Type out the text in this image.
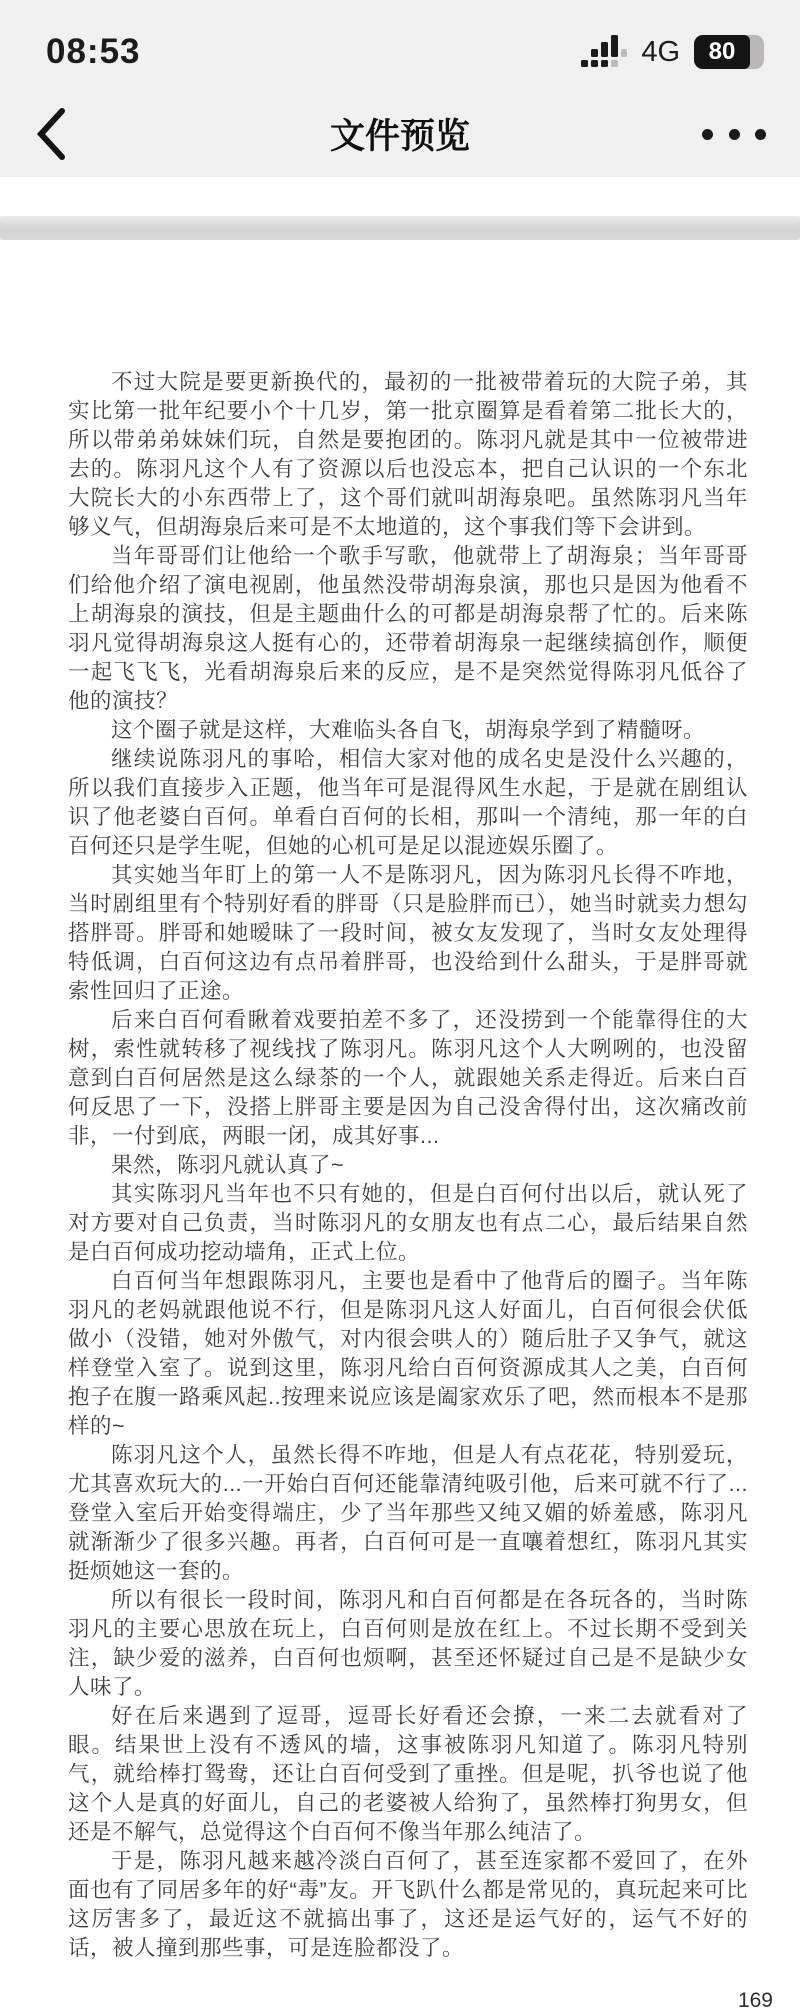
08:53	4G	80
文件预览

不过大院是要更新换代的，最初的一批被带着玩的大院子弟，其实比第一批年纪要小个十几岁，第一批京圈算是看着第二批长大的，所以带弟弟妹妹们玩，自然是要抱团的。陈羽凡就是其中一位被带进去的。陈羽凡这个人有了资源以后也没忘本，把自己认识的一个东北大院长大的小东西带上了，这个哥们就叫胡海泉吧。虽然陈羽凡当年够义气，但胡海泉后来可是不太地道的，这个事我们等下会讲到。

当年哥哥们让他给一个歌手写歌，他就带上了胡海泉；当年哥哥们给他介绍了演电视剧，他虽然没带胡海泉演，那也只是因为他看不上胡海泉的演技，但是主题曲什么的可都是胡海泉帮了忙的。后来陈羽凡觉得胡海泉这人挺有心的，还带着胡海泉一起继续搞创作，顺便一起飞飞飞，光看胡海泉后来的反应，是不是突然觉得陈羽凡低谷了他的演技？

这个圈子就是这样，大难临头各自飞，胡海泉学到了精髓呀。

继续说陈羽凡的事哈，相信大家对他的成名史是没什么兴趣的，所以我们直接步入正题，他当年可是混得风生水起，于是就在剧组认识了他老婆白百何。单看白百何的长相，那叫一个清纯，那一年的白百何还只是学生呢，但她的心机可是足以混迹娱乐圈了。

其实她当年盯上的第一人不是陈羽凡，因为陈羽凡长得不咋地，当时剧组里有个特别好看的胖哥（只是脸胖而已），她当时就卖力想勾搭胖哥。胖哥和她暧昧了一段时间，被女友发现了，当时女友处理得特低调，白百何这边有点吊着胖哥，也没给到什么甜头，于是胖哥就索性回归了正途。

后来白百何看瞅着戏要拍差不多了，还没捞到一个能靠得住的大树，索性就转移了视线找了陈羽凡。陈羽凡这个人大咧咧的，也没留意到白百何居然是这么绿茶的一个人，就跟她关系走得近。后来白百何反思了一下，没搭上胖哥主要是因为自己没舍得付出，这次痛改前非，一付到底，两眼一闭，成其好事...

果然，陈羽凡就认真了~

其实陈羽凡当年也不只有她的，但是白百何付出以后，就认死了对方要对自己负责，当时陈羽凡的女朋友也有点二心，最后结果自然是白百何成功挖动墙角，正式上位。

白百何当年想跟陈羽凡，主要也是看中了他背后的圈子。当年陈羽凡的老妈就跟他说不行，但是陈羽凡这人好面儿，白百何很会伏低做小（没错，她对外傲气，对内很会哄人的）随后肚子又争气，就这样登堂入室了。说到这里，陈羽凡给白百何资源成其人之美，白百何抱子在腹一路乘风起..按理来说应该是阖家欢乐了吧，然而根本不是那样的~

陈羽凡这个人，虽然长得不咋地，但是人有点花花，特别爱玩，尤其喜欢玩大的...一开始白百何还能靠清纯吸引他，后来可就不行了...登堂入室后开始变得端庄，少了当年那些又纯又媚的娇羞感，陈羽凡就渐渐少了很多兴趣。再者，白百何可是一直嚷着想红，陈羽凡其实挺烦她这一套的。

所以有很长一段时间，陈羽凡和白百何都是在各玩各的，当时陈羽凡的主要心思放在玩上，白百何则是放在红上。不过长期不受到关注，缺少爱的滋养，白百何也烦啊，甚至还怀疑过自己是不是缺少女人味了。

好在后来遇到了逗哥，逗哥长好看还会撩，一来二去就看对了眼。结果世上没有不透风的墙，这事被陈羽凡知道了。陈羽凡特别气，就给棒打鸳鸯，还让白百何受到了重挫。但是呢，扒爷也说了他这个人是真的好面儿，自己的老婆被人给狗了，虽然棒打狗男女，但还是不解气，总觉得这个白百何不像当年那么纯洁了。

于是，陈羽凡越来越冷淡白百何了，甚至连家都不爱回了，在外面也有了同居多年的好“毒”友。开飞趴什么都是常见的，真玩起来可比这厉害多了，最近这不就搞出事了，这还是运气好的，运气不好的话，被人撞到那些事，可是连脸都没了。

169
